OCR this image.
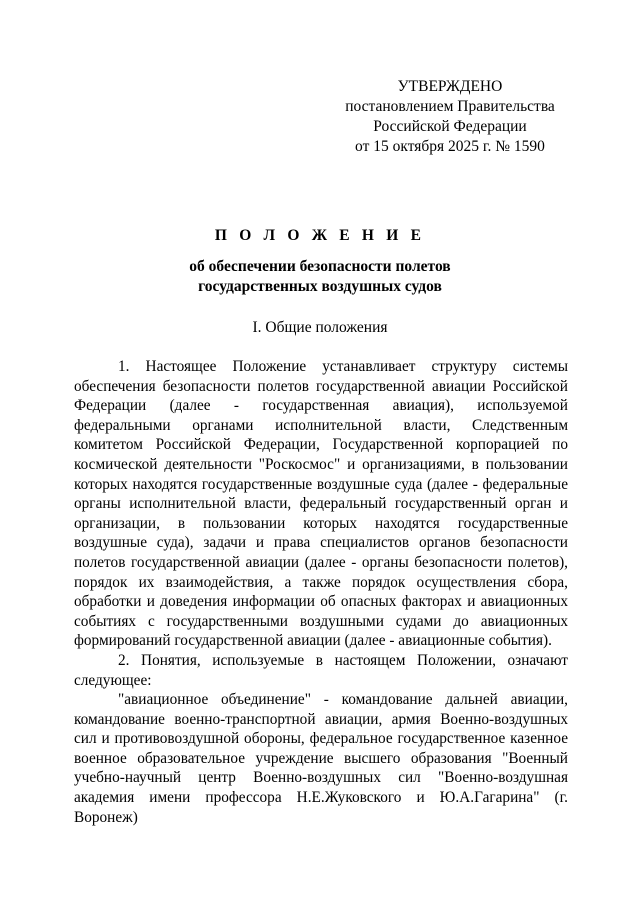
УТВЕРЖДЕНО
постановлением Правительства
Российской Федерации
от 15 октября 2025 г. № 1590
П О Л О Ж Е Н И Е
об обеспечении безопасности полетов
государственных воздушных судов
I. Общие положения

1. Настоящее Положение устанавливает структуру системы обеспечения безопасности полетов государственной авиации Российской Федерации (далее - государственная авиация), используемой федеральными органами исполнительной власти, Следственным комитетом Российской Федерации, Государственной корпорацией по космической деятельности "Роскосмос" и организациями, в пользовании которых находятся государственные воздушные суда (далее - федеральные органы исполнительной власти, федеральный государственный орган и организации, в пользовании которых находятся государственные воздушные суда), задачи и права специалистов органов безопасности полетов государственной авиации (далее - органы безопасности полетов), порядок их взаимодействия, а также порядок осуществления сбора, обработки и доведения информации об опасных факторах и авиационных событиях с государственными воздушными судами до авиационных формирований государственной авиации (далее - авиационные события).

2. Понятия, используемые в настоящем Положении, означают следующее:

"авиационное объединение" - командование дальней авиации, командование военно-транспортной авиации, армия Военно-воздушных сил и противовоздушной обороны, федеральное государственное казенное военное образовательное учреждение высшего образования "Военный учебно-научный центр Военно-воздушных сил "Военно-воздушная академия имени профессора Н.Е.Жуковского и Ю.А.Гагарина" (г. Воронеж)
